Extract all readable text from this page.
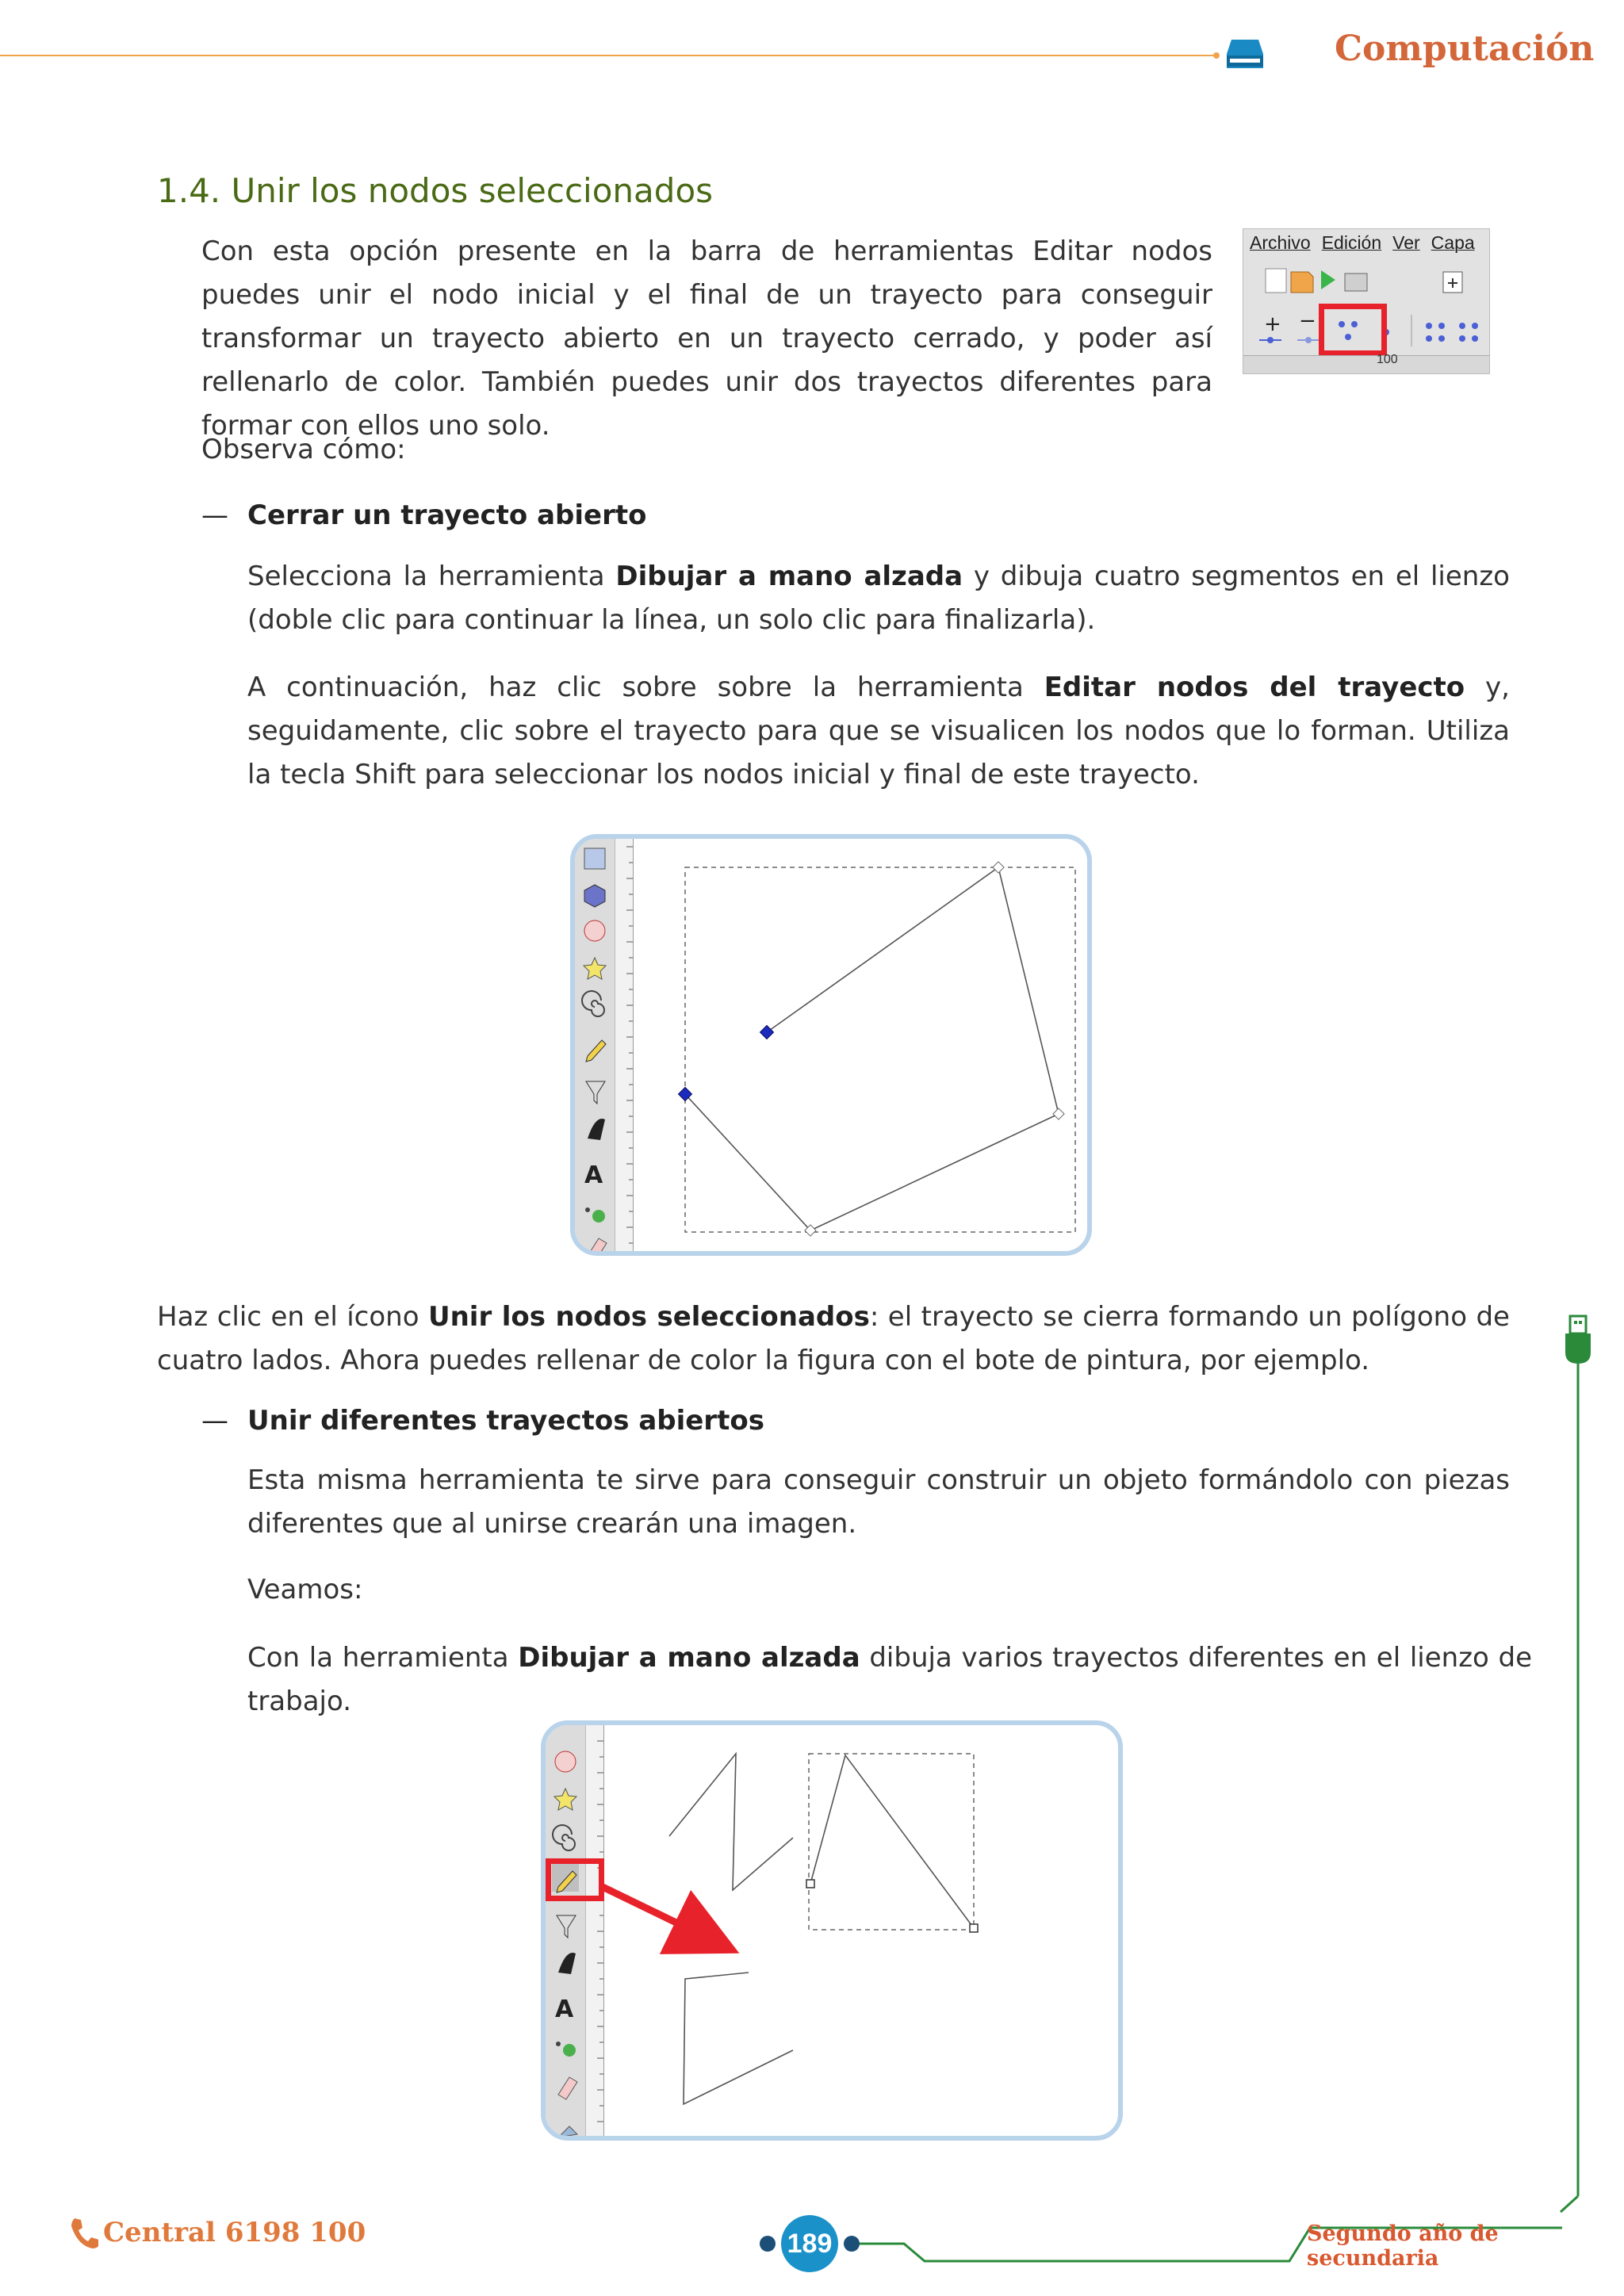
Computación
1.4. Unir los nodos seleccionados

Con esta opción presente en la barra de herramientas Editar nodos puedes unir el nodo inicial y el final de un trayecto para conseguir transformar un trayecto abierto en un trayecto cerrado, y poder así rellenarlo de color. También puedes unir dos trayectos diferentes para formar con ellos uno solo.

Archivo Edición Ver Capa
+ −
100

Observa cómo:

— Cerrar un trayecto abierto

Selecciona la herramienta Dibujar a mano alzada y dibuja cuatro segmentos en el lienzo (doble clic para continuar la línea, un solo clic para finalizarla).

A continuación, haz clic sobre sobre la herramienta Editar nodos del trayecto y, seguidamente, clic sobre el trayecto para que se visualicen los nodos que lo forman. Utiliza la tecla Shift para seleccionar los nodos inicial y final de este trayecto.

A

Haz clic en el ícono Unir los nodos seleccionados: el trayecto se cierra formando un polígono de cuatro lados. Ahora puedes rellenar de color la figura con el bote de pintura, por ejemplo.

— Unir diferentes trayectos abiertos

Esta misma herramienta te sirve para conseguir construir un objeto formándolo con piezas diferentes que al unirse crearán una imagen.

Veamos:

Con la herramienta Dibujar a mano alzada dibuja varios trayectos diferentes en el lienzo de trabajo.

A
Central 6198 100	189	Segundo año de secundaria
